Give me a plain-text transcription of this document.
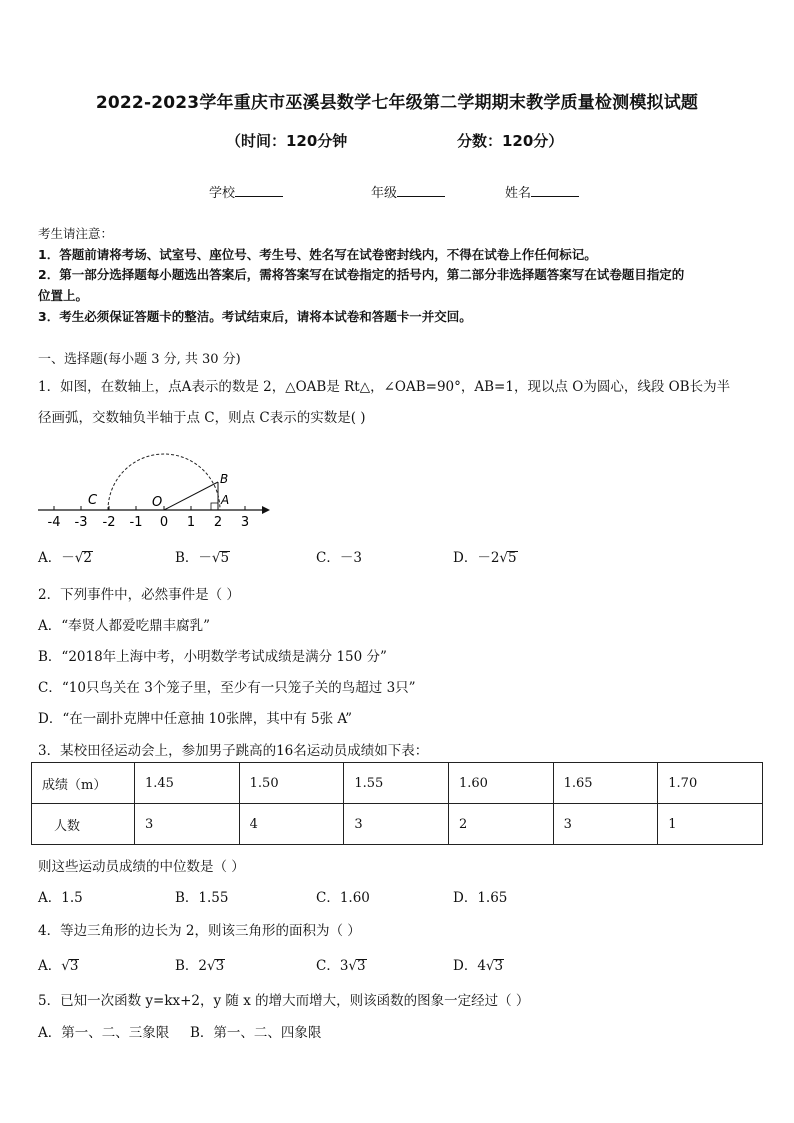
2022-2023学年重庆市巫溪县数学七年级第二学期期末教学质量检测模拟试题
（时间：120分钟	分数：120分）
学校	年级	姓名
考生请注意：
1．答题前请将考场、试室号、座位号、考生号、姓名写在试卷密封线内，不得在试卷上作任何标记。
2．第一部分选择题每小题选出答案后，需将答案写在试卷指定的括号内，第二部分非选择题答案写在试卷题目指定的
位置上。
3．考生必须保证答题卡的整洁。考试结束后，请将本试卷和答题卡一并交回。
一、选择题(每小题 3 分, 共 30 分)
1．如图，在数轴上，点A表示的数是 2，△OAB是 Rt△，∠OAB=90°，AB=1，现以点 O为圆心，线段 OB长为半
径画弧，交数轴负半轴于点 C，则点 C表示的实数是( )
C	O	A
B
-4 -3 -2 -1 0 1 2 3
A．－√2	B．－√5	C．－3	D．－2√5
2．下列事件中，必然事件是（ ）
A．“奉贤人都爱吃鼎丰腐乳”
B．“2018年上海中考，小明数学考试成绩是满分 150 分”
C．“10只鸟关在 3个笼子里，至少有一只笼子关的鸟超过 3只”
D．“在一副扑克牌中任意抽 10张牌，其中有 5张 A”
3．某校田径运动会上，参加男子跳高的16名运动员成绩如下表：
成绩（m）	1.45	1.50	1.55	1.60	1.65	1.70
人数	3	4	3	2	3	1
则这些运动员成绩的中位数是（ ）
A．1.5	B．1.55	C．1.60	D．1.65
4．等边三角形的边长为 2，则该三角形的面积为（ ）
A．√3	B．2√3	C．3√3	D．4√3
5．已知一次函数 y=kx+2，y 随 x 的增大而增大，则该函数的图象一定经过（ ）
A．第一、二、三象限 B．第一、二、四象限
